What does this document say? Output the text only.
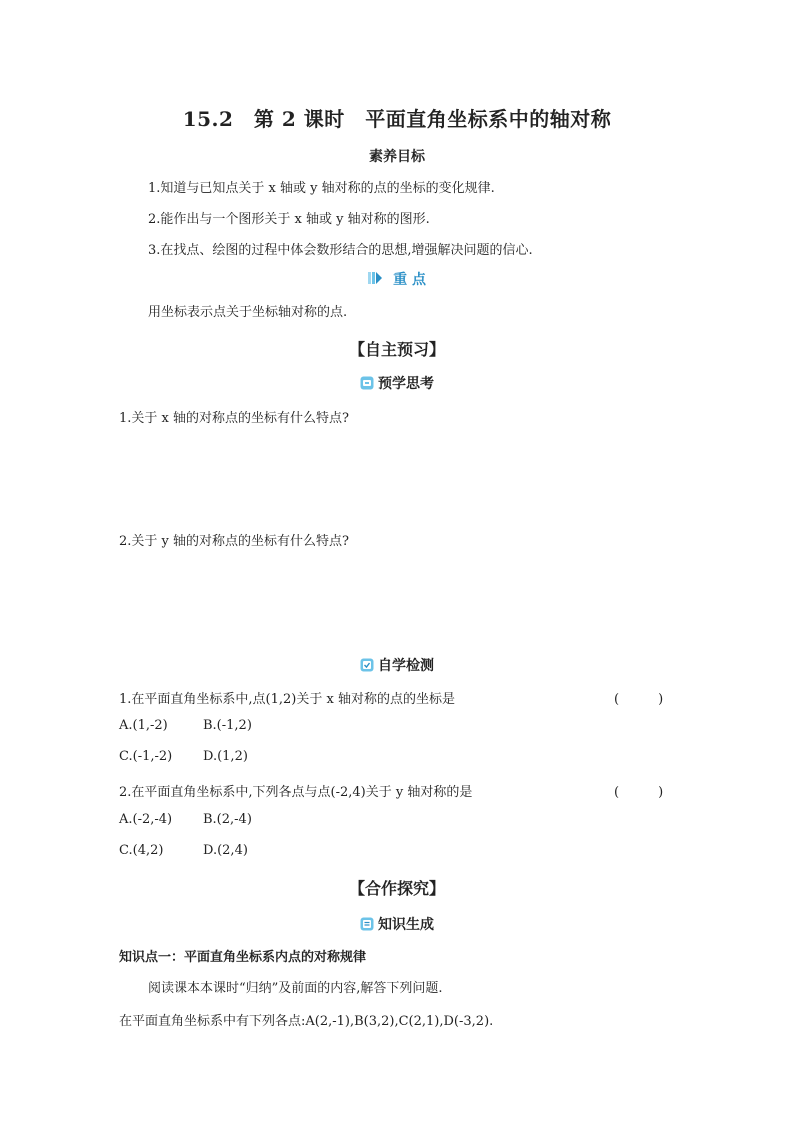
15.2　第 2 课时　平面直角坐标系中的轴对称
素养目标
1.知道与已知点关于 x 轴或 y 轴对称的点的坐标的变化规律.
2.能作出与一个图形关于 x 轴或 y 轴对称的图形.
3.在找点、绘图的过程中体会数形结合的思想,增强解决问题的信心.
重 点
用坐标表示点关于坐标轴对称的点.
【自主预习】
预学思考
1.关于 x 轴的对称点的坐标有什么特点?
2.关于 y 轴的对称点的坐标有什么特点?
自学检测
1.在平面直角坐标系中,点(1,2)关于 x 轴对称的点的坐标是	(　　　)
A.(1,-2)	B.(-1,2)
C.(-1,-2) D.(1,2)
2.在平面直角坐标系中,下列各点与点(-2,4)关于 y 轴对称的是	(　　　)
A.(-2,-4) B.(2,-4)
C.(4,2)	D.(2,4)
【合作探究】
知识生成
知识点一：平面直角坐标系内点的对称规律
阅读课本本课时“归纳”及前面的内容,解答下列问题.
在平面直角坐标系中有下列各点:A(2,-1),B(3,2),C(2,1),D(-3,2).
